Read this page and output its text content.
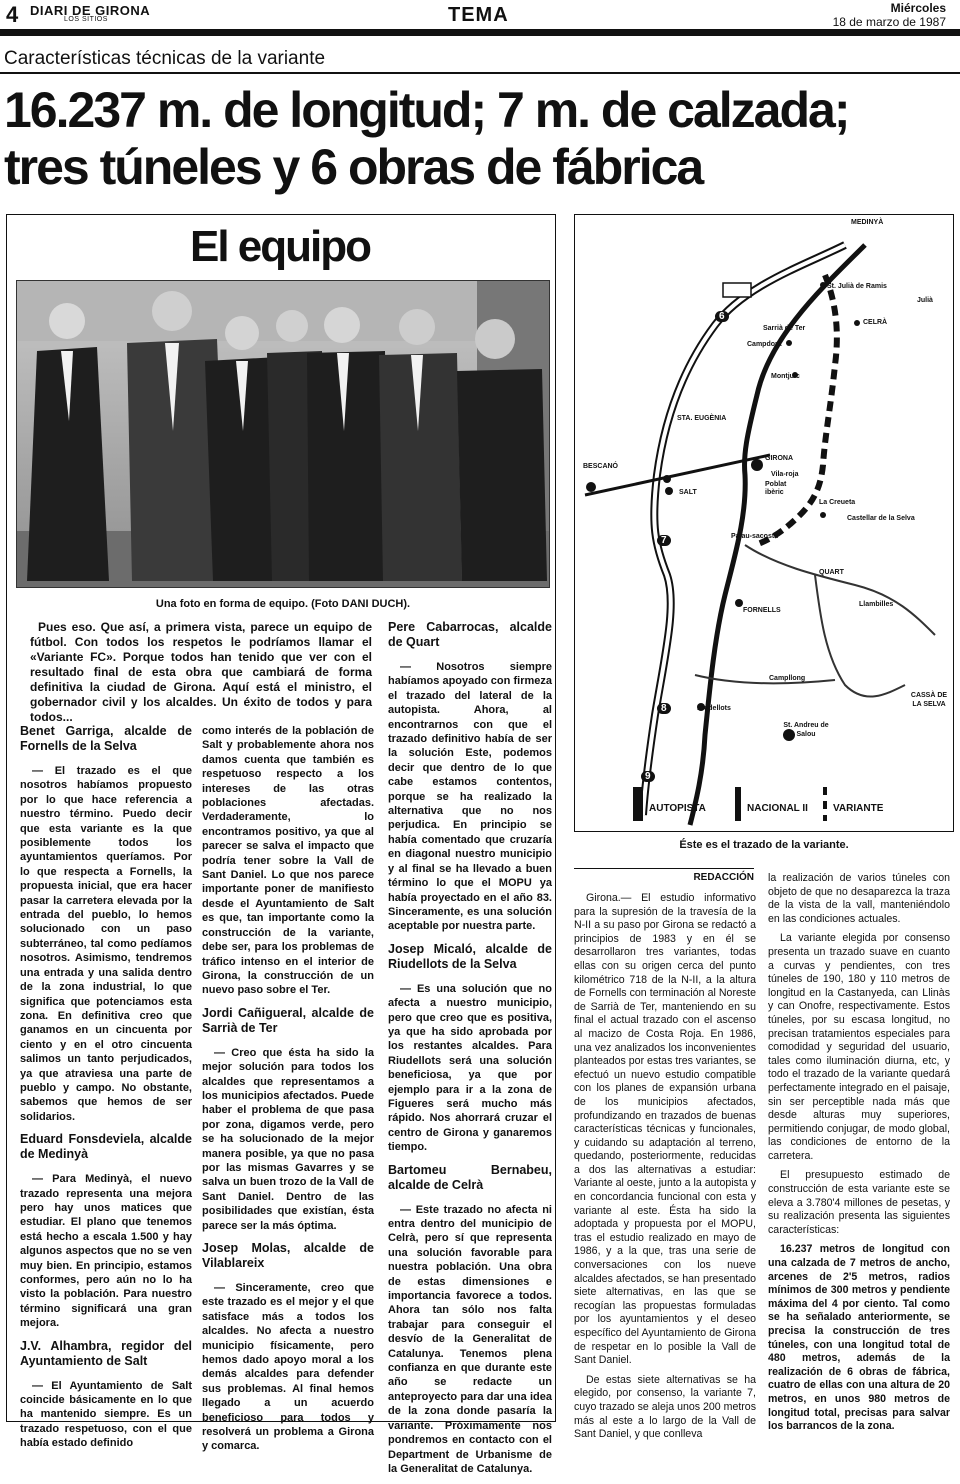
4 DIARI DE GIRONA
LOS SITIOS	TEMA	Miércoles
18 de marzo de 1987
Características técnicas de la variante
16.237 m. de longitud; 7 m. de calzada;
tres túneles y 6 obras de fábrica
El equipo
Una foto en forma de equipo. (Foto DANI DUCH).
Pues eso. Que así, a primera vista, parece un equipo de fútbol. Con todos los respetos le podríamos llamar el «Variante FC». Porque todos han tenido que ver con el resultado final de esta obra que cambiará de forma definitiva la ciudad de Girona. Aquí está el ministro, el gobernador civil y los alcaldes. Un éxito de todos y para todos...
Benet Garriga, alcalde de Fornells de la Selva

— El trazado es el que nosotros habíamos propuesto por lo que hace referencia a nuestro término. Puedo decir que esta variante es la que posiblemente todos los ayuntamientos queríamos. Por lo que respecta a Fornells, la propuesta inicial, que era hacer pasar la carretera elevada por la entrada del pueblo, lo hemos solucionado con un paso subterráneo, tal como pedíamos nosotros. Asimismo, tendremos una entrada y una salida dentro de la zona industrial, lo que significa que potenciamos esta zona. En definitiva creo que ganamos en un cincuenta por ciento y en el otro cincuenta salimos un tanto perjudicados, ya que atraviesa una parte de pueblo y campo. No obstante, sabemos que hemos de ser solidarios.

Eduard Fonsdeviela, alcalde de Medinyà

— Para Medinyà, el nuevo trazado representa una mejora pero hay unos matices que estudiar. El plano que tenemos está hecho a escala 1.500 y hay algunos aspectos que no se ven muy bien. En principio, estamos conformes, pero aún no lo ha visto la población. Para nuestro término significará una gran mejora.

J.V. Alhambra, regidor del Ayuntamiento de Salt

— El Ayuntamiento de Salt coincide básicamente en lo que ha mantenido siempre. Es un trazado respetuoso, con el que había estado definido

como interés de la población de Salt y probablemente ahora nos damos cuenta que también es respetuoso respecto a los intereses de las otras poblaciones afectadas. Verdaderamente, lo encontramos positivo, ya que al parecer se salva el impacto que podría tener sobre la Vall de Sant Daniel. Lo que nos parece importante poner de manifiesto desde el Ayuntamiento de Salt es que, tan importante como la construcción de la variante, debe ser, para los problemas de tráfico intenso en el interior de Girona, la construcción de un nuevo paso sobre el Ter.

Jordi Cañigueral, alcalde de Sarrià de Ter

— Creo que ésta ha sido la mejor solución para todos los alcaldes que representamos a los municipios afectados. Puede haber el problema de que pasa por zona, digamos verde, pero se ha solucionado de la mejor manera posible, ya que no pasa por las mismas Gavarres y se salva un buen trozo de la Vall de Sant Daniel. Dentro de las posibilidades que existían, ésta parece ser la más óptima.

Josep Molas, alcalde de Vilablareix

— Sinceramente, creo que este trazado es el mejor y el que satisface más a todos los alcaldes. No afecta a nuestro municipio físicamente, pero hemos dado apoyo moral a los demás alcaldes para defender sus problemas. Al final hemos llegado a un acuerdo beneficioso para todos y resolverá un problema a Girona y comarca.

Pere Cabarrocas, alcalde de Quart

— Nosotros siempre habíamos apoyado con firmeza el trazado del lateral de la autopista. Ahora, al encontrarnos con que el trazado definitivo había de ser la solución Este, podemos decir que dentro de lo que cabe estamos contentos, porque se ha realizado la alternativa que no nos perjudica. En principio se había comentado que cruzaría en diagonal nuestro municipio y al final se ha llevado a buen término lo que el MOPU ya había proyectado en el año 83. Sinceramente, es una solución aceptable por nuestra parte.

Josep Micaló, alcalde de Riudellots de la Selva

— Es una solución que no afecta a nuestro municipio, pero que creo que es positiva, ya que ha sido aprobada por los restantes alcaldes. Para Riudellots será una solución beneficiosa, ya que por ejemplo para ir a la zona de Figueres será mucho más rápido. Nos ahorrará cruzar el centro de Girona y ganaremos tiempo.

Bartomeu Bernabeu, alcalde de Celrà

— Este trazado no afecta ni entra dentro del municipio de Celrà, pero sí que representa una solución favorable para nuestra población. Una obra de estas dimensiones e importancia favorece a todos. Ahora tan sólo nos falta trabajar para conseguir el desvío de la Generalitat de Catalunya. Tenemos plena confianza en que durante este año se redacte un anteproyecto para dar una idea de la zona donde pasaría la variante. Próximamente nos pondremos en contacto con el Department de Urbanisme de la Generalitat de Catalunya.

MEDINYÀ
St. Julià de Ramis
Julià
Sarrià de Ter
CELRÀ
Campdorà
Montjuïc
STA. EUGÈNIA
BESCANÓ
GIRONA
Vila-roja
SALT
Poblat ibèric
La Creueta
Castellar de la Selva
Palau-sacosta
QUART
FORNELLS
Llambilles
Campllong
CASSÀ DE LA SELVA
Riudellots
St. Andreu de Salou
6
7
8
9
AUTOPISTA	NACIONAL II	VARIANTE
Éste es el trazado de la variante.
REDACCIÓN

Girona.— El estudio informativo para la supresión de la travesía de la N-II a su paso por Girona se redactó a principios de 1983 y en él se desarrollaron tres variantes, todas ellas con su origen cerca del punto kilométrico 718 de la N-II, a la altura de Fornells con terminación al Noreste de Sarrià de Ter, manteniendo en su final el actual trazado con el ascenso al macizo de Costa Roja. En 1986, una vez analizados los inconvenientes planteados por estas tres variantes, se efectuó un nuevo estudio compatible con los planes de expansión urbana de los municipios afectados, profundizando en trazados de buenas características técnicas y funcionales, y cuidando su adaptación al terreno, quedando, posteriormente, reducidas a dos las alternativas a estudiar: Variante al oeste, junto a la autopista y en concordancia funcional con esta y variante al este. Ésta ha sido la adoptada y propuesta por el MOPU, tras el estudio realizado en mayo de 1986, y a la que, tras una serie de conversaciones con los nueve alcaldes afectados, se han presentado siete alternativas, en las que se recogían las propuestas formuladas por los ayuntamientos y el deseo específico del Ayuntamiento de Girona de respetar en lo posible la Vall de Sant Daniel.

De estas siete alternativas se ha elegido, por consenso, la variante 7, cuyo trazado se aleja unos 200 metros más al este a lo largo de la Vall de Sant Daniel, y que conlleva

la realización de varios túneles con objeto de que no desaparezca la traza de la vista de la vall, manteniéndolo en las condiciones actuales.

La variante elegida por consenso presenta un trazado suave en cuanto a curvas y pendientes, con tres túneles de 190, 180 y 110 metros de longitud en la Castanyeda, can Llinàs y can Onofre, respectivamente. Estos túneles, por su escasa longitud, no precisan tratamientos especiales para comodidad y seguridad del usuario, tales como iluminación diurna, etc, y todo el trazado de la variante quedará perfectamente integrado en el paisaje, sin ser perceptible nada más que desde alturas muy superiores, permitiendo conjugar, de modo global, las condiciones de entorno de la carretera.

El presupuesto estimado de construcción de esta variante este se eleva a 3.780'4 millones de pesetas, y su realización presenta las siguientes características:

16.237 metros de longitud con una calzada de 7 metros de ancho, arcenes de 2'5 metros, radios mínimos de 300 metros y pendiente máxima del 4 por ciento. Tal como se ha señalado anteriormente, se precisa la construcción de tres túneles, con una longitud total de 480 metros, además de la realización de 6 obras de fábrica, cuatro de ellas con una altura de 20 metros, en unos 980 metros de longitud total, precisas para salvar los barrancos de la zona.
